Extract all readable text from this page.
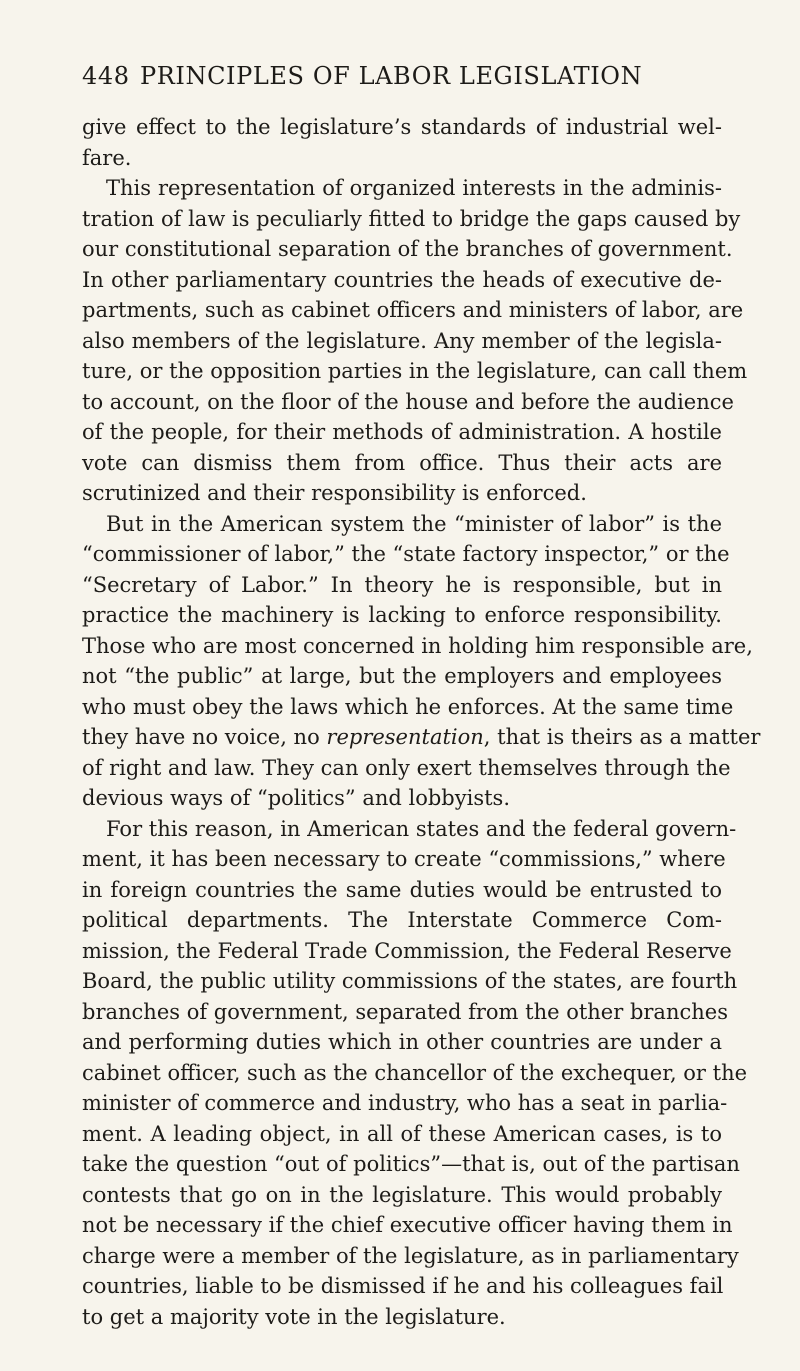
448 PRINCIPLES OF LABOR LEGISLATION
give effect to the legislature’s standards of industrial wel-
fare.
This representation of organized interests in the adminis-
tration of law is peculiarly fitted to bridge the gaps caused by
our constitutional separation of the branches of government.
In other parliamentary countries the heads of executive de-
partments, such as cabinet officers and ministers of labor, are
also members of the legislature. Any member of the legisla-
ture, or the opposition parties in the legislature, can call them
to account, on the floor of the house and before the audience
of the people, for their methods of administration. A hostile
vote can dismiss them from office. Thus their acts are
scrutinized and their responsibility is enforced.
But in the American system the “minister of labor” is the
“commissioner of labor,” the “state factory inspector,” or the
“Secretary of Labor.” In theory he is responsible, but in
practice the machinery is lacking to enforce responsibility.
Those who are most concerned in holding him responsible are,
not “the public” at large, but the employers and employees
who must obey the laws which he enforces. At the same time
they have no voice, no representation, that is theirs as a matter
of right and law. They can only exert themselves through the
devious ways of “politics” and lobbyists.
For this reason, in American states and the federal govern-
ment, it has been necessary to create “commissions,” where
in foreign countries the same duties would be entrusted to
political departments. The Interstate Commerce Com-
mission, the Federal Trade Commission, the Federal Reserve
Board, the public utility commissions of the states, are fourth
branches of government, separated from the other branches
and performing duties which in other countries are under a
cabinet officer, such as the chancellor of the exchequer, or the
minister of commerce and industry, who has a seat in parlia-
ment. A leading object, in all of these American cases, is to
take the question “out of politics”—that is, out of the partisan
contests that go on in the legislature. This would probably
not be necessary if the chief executive officer having them in
charge were a member of the legislature, as in parliamentary
countries, liable to be dismissed if he and his colleagues fail
to get a majority vote in the legislature.
